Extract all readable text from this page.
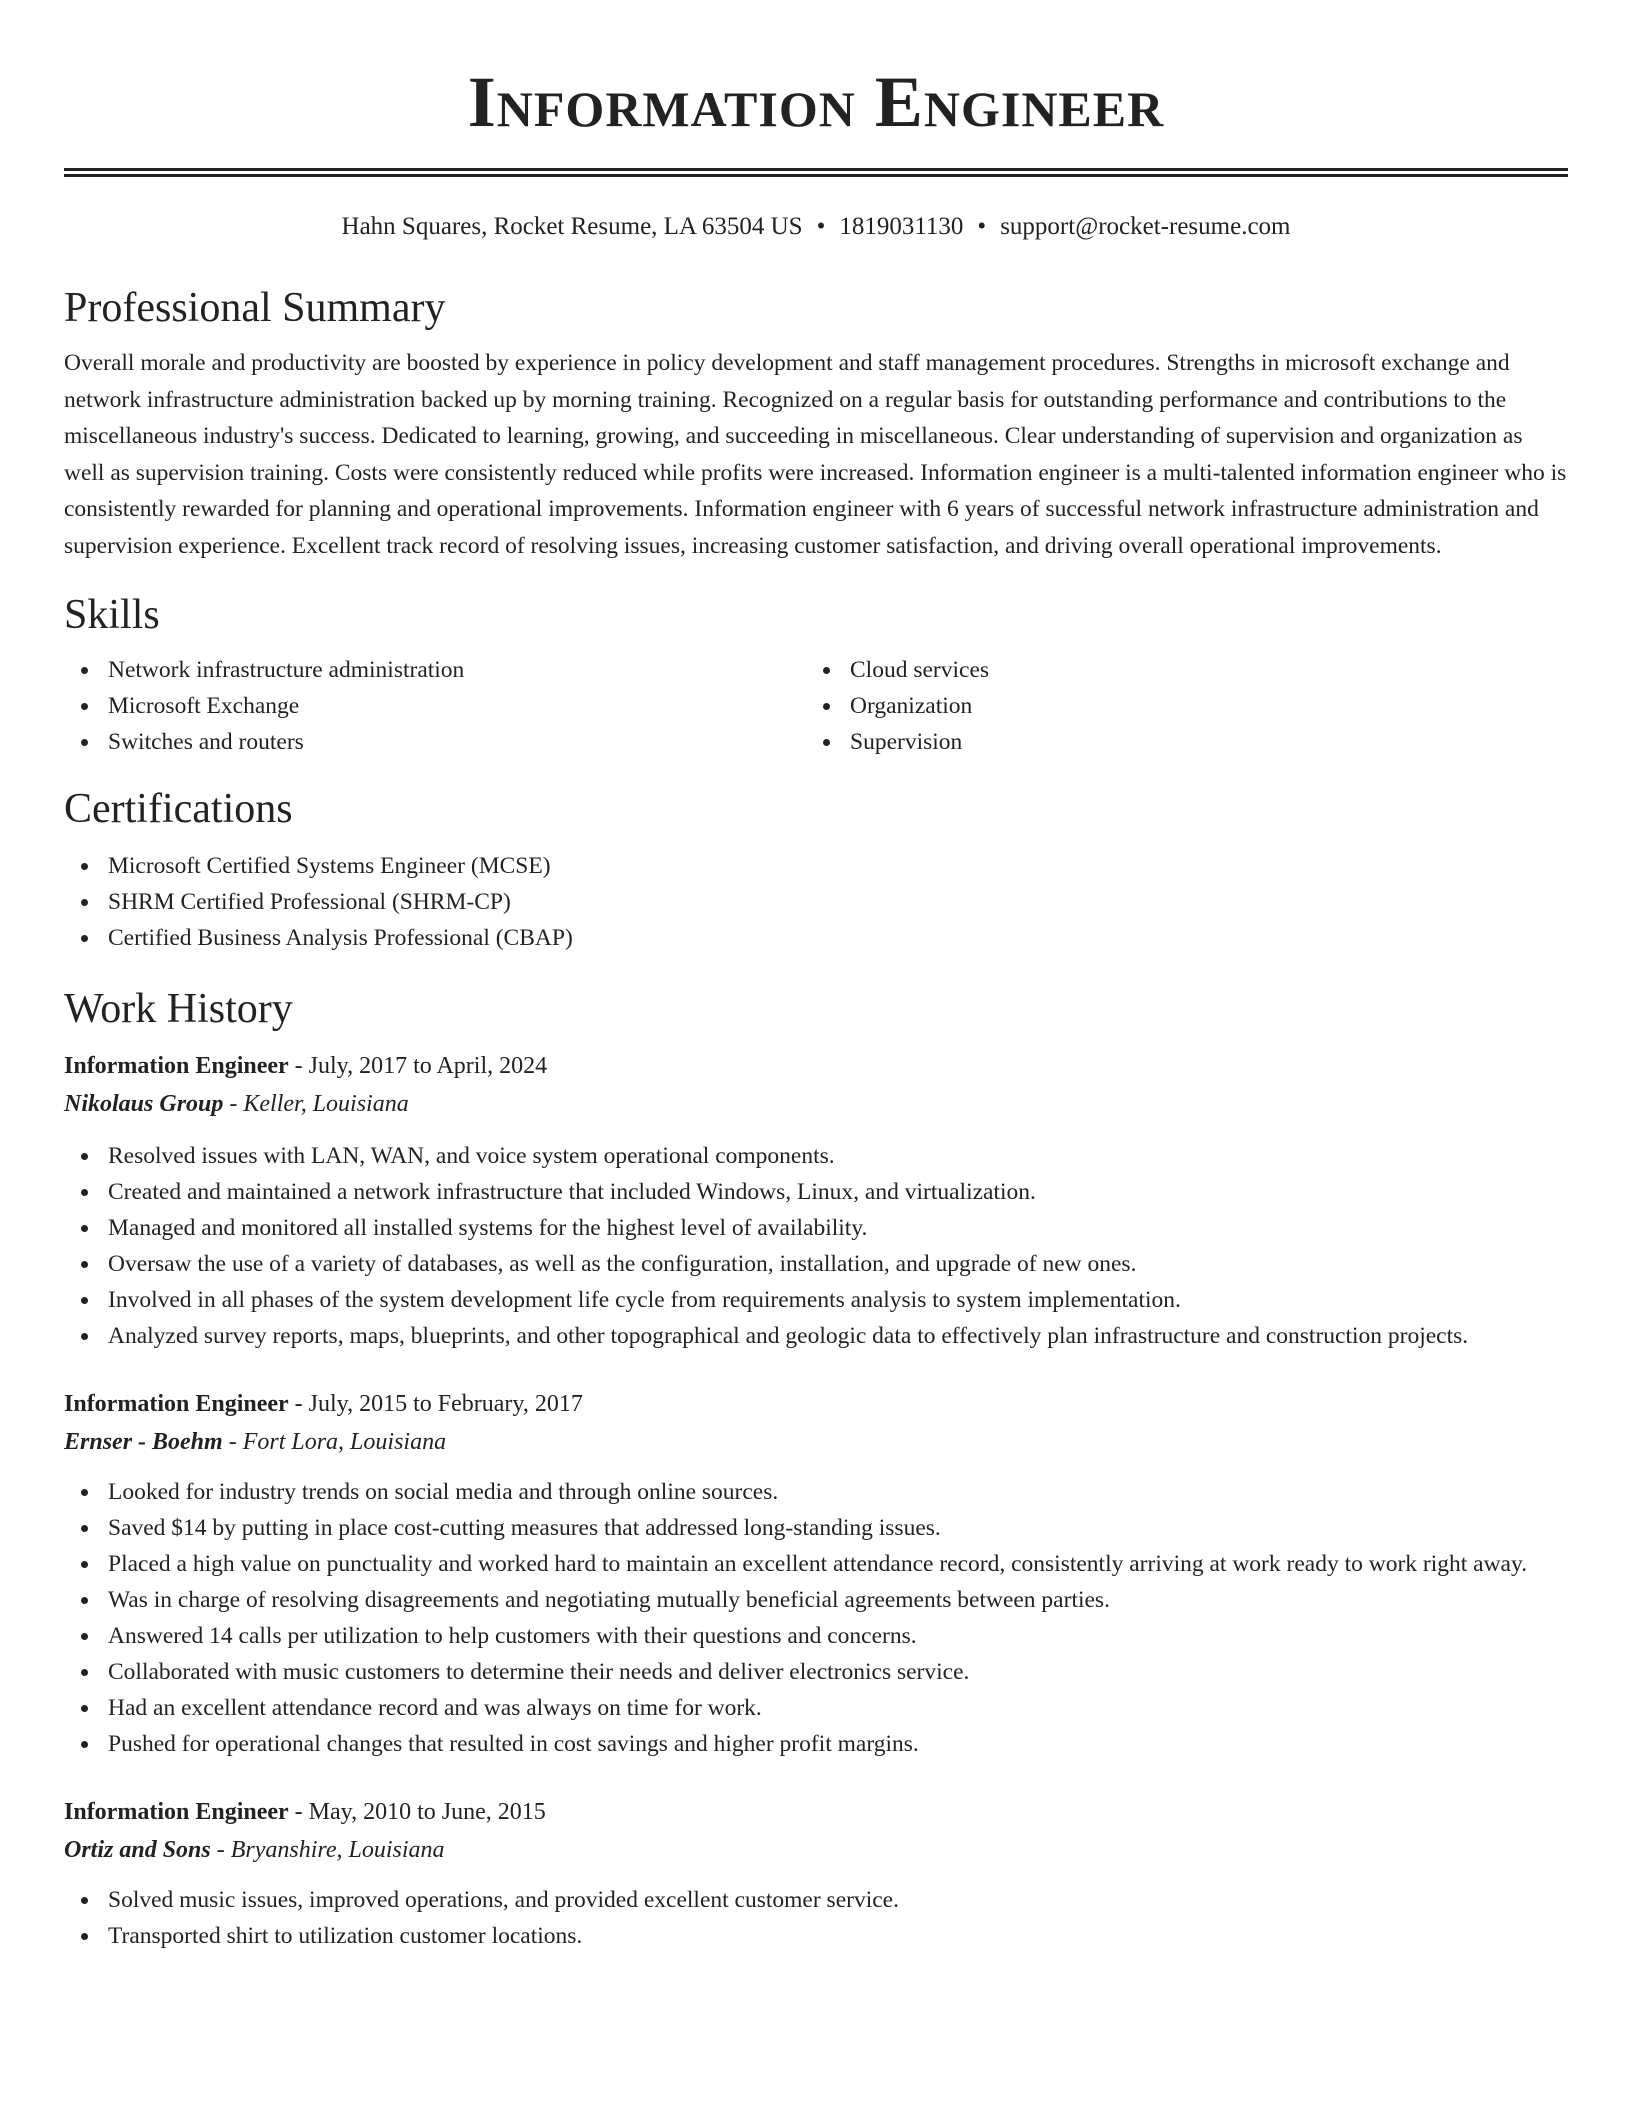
Information Engineer
Hahn Squares, Rocket Resume, LA 63504 US • 1819031130 • support@rocket-resume.com
Professional Summary

Overall morale and productivity are boosted by experience in policy development and staff management procedures. Strengths in microsoft exchange and network infrastructure administration backed up by morning training. Recognized on a regular basis for outstanding performance and contributions to the miscellaneous industry's success. Dedicated to learning, growing, and succeeding in miscellaneous. Clear understanding of supervision and organization as well as supervision training. Costs were consistently reduced while profits were increased. Information engineer is a multi-talented information engineer who is consistently rewarded for planning and operational improvements. Information engineer with 6 years of successful network infrastructure administration and supervision experience. Excellent track record of resolving issues, increasing customer satisfaction, and driving overall operational improvements.

Skills
Network infrastructure administration
Microsoft Exchange
Switches and routers
Cloud services
Organization
Supervision
Certifications
Microsoft Certified Systems Engineer (MCSE)
SHRM Certified Professional (SHRM-CP)
Certified Business Analysis Professional (CBAP)
Work History
Information Engineer - July, 2017 to April, 2024
Nikolaus Group - Keller, Louisiana
Resolved issues with LAN, WAN, and voice system operational components.
Created and maintained a network infrastructure that included Windows, Linux, and virtualization.
Managed and monitored all installed systems for the highest level of availability.
Oversaw the use of a variety of databases, as well as the configuration, installation, and upgrade of new ones.
Involved in all phases of the system development life cycle from requirements analysis to system implementation.
Analyzed survey reports, maps, blueprints, and other topographical and geologic data to effectively plan infrastructure and construction projects.
Information Engineer - July, 2015 to February, 2017
Ernser - Boehm - Fort Lora, Louisiana
Looked for industry trends on social media and through online sources.
Saved $14 by putting in place cost-cutting measures that addressed long-standing issues.
Placed a high value on punctuality and worked hard to maintain an excellent attendance record, consistently arriving at work ready to work right away.
Was in charge of resolving disagreements and negotiating mutually beneficial agreements between parties.
Answered 14 calls per utilization to help customers with their questions and concerns.
Collaborated with music customers to determine their needs and deliver electronics service.
Had an excellent attendance record and was always on time for work.
Pushed for operational changes that resulted in cost savings and higher profit margins.
Information Engineer - May, 2010 to June, 2015
Ortiz and Sons - Bryanshire, Louisiana
Solved music issues, improved operations, and provided excellent customer service.
Transported shirt to utilization customer locations.
